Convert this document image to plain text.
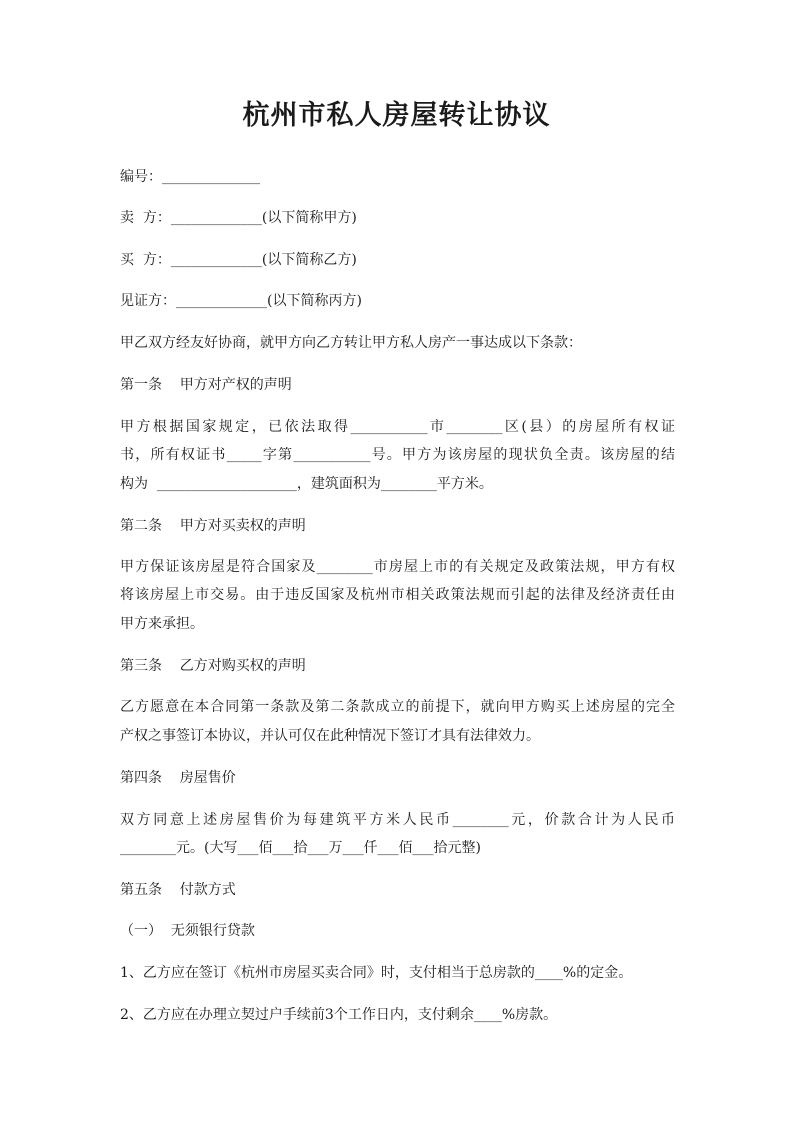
杭州市私人房屋转让协议
编号：______________
卖  方：_____________(以下简称甲方)
买  方：_____________(以下简称乙方)
见证方：_____________(以下简称丙方)
甲乙双方经友好协商，就甲方向乙方转让甲方私人房产一事达成以下条款：
第一条    甲方对产权的声明
甲方根据国家规定，已依法取得___________市________区(县）的房屋所有权证
书，所有权证书_____字第___________号。甲方为该房屋的现状负全责。该房屋的结
构为  ____________________，建筑面积为________平方米。
第二条    甲方对买卖权的声明
甲方保证该房屋是符合国家及________市房屋上市的有关规定及政策法规，甲方有权
将该房屋上市交易。由于违反国家及杭州市相关政策法规而引起的法律及经济责任由
甲方来承担。
第三条    乙方对购买权的声明
乙方愿意在本合同第一条款及第二条款成立的前提下，就向甲方购买上述房屋的完全
产权之事签订本协议，并认可仅在此种情况下签订才具有法律效力。
第四条    房屋售价
双方同意上述房屋售价为每建筑平方米人民币________元，价款合计为人民币
________元。(大写___佰___拾___万___仟___佰___拾元整)
第五条    付款方式
（一）  无须银行贷款
1、乙方应在签订《杭州市房屋买卖合同》时，支付相当于总房款的____%的定金。
2、乙方应在办理立契过户手续前3个工作日内，支付剩余____%房款。
